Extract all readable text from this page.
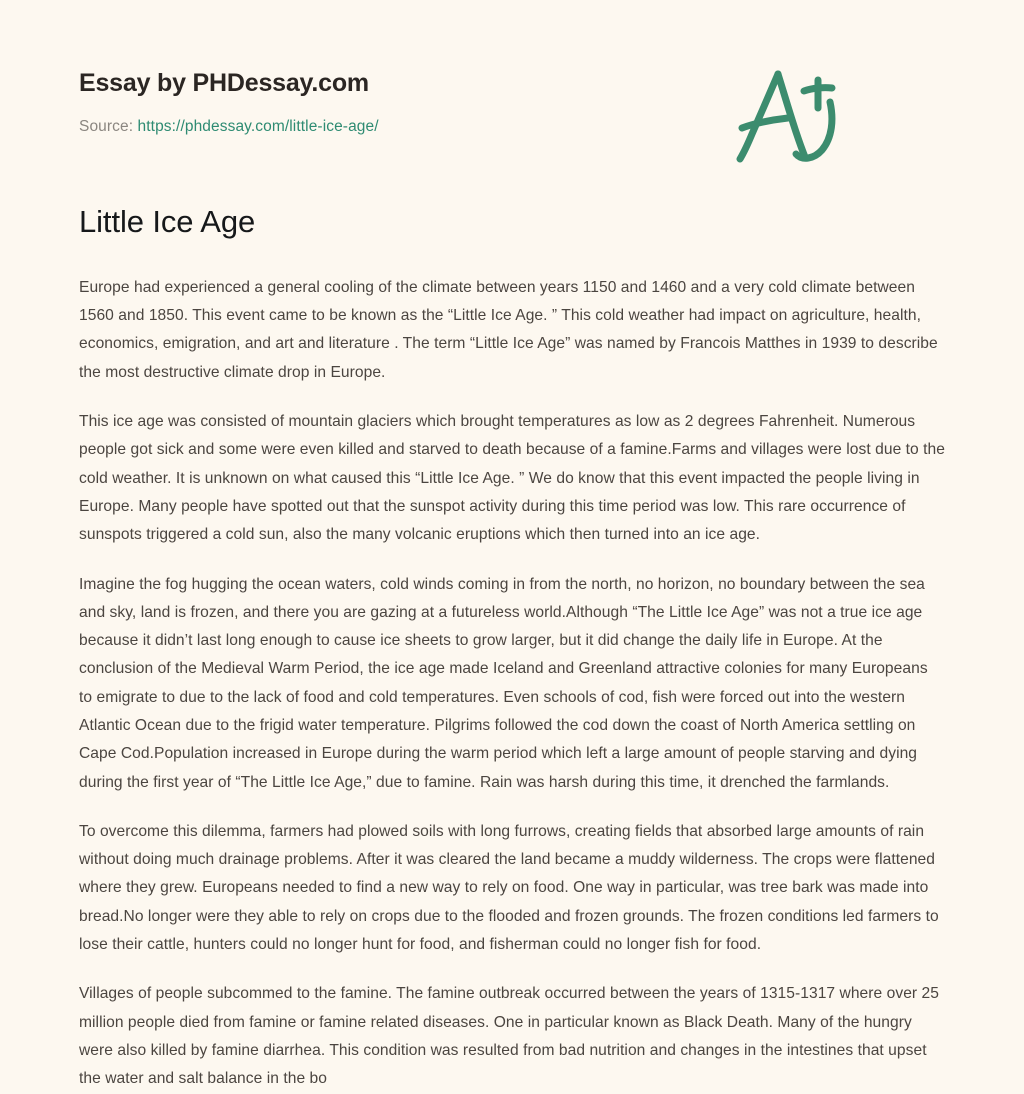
Essay by PHDessay.com
Source: https://phdessay.com/little-ice-age/
Little Ice Age

Europe had experienced a general cooling of the climate between years 1150 and 1460 and a very cold climate between 1560 and 1850. This event came to be known as the “Little Ice Age. ” This cold weather had impact on agriculture, health, economics, emigration, and art and literature . The term “Little Ice Age” was named by Francois Matthes in 1939 to describe the most destructive climate drop in Europe.

This ice age was consisted of mountain glaciers which brought temperatures as low as 2 degrees Fahrenheit. Numerous people got sick and some were even killed and starved to death because of a famine.Farms and villages were lost due to the cold weather. It is unknown on what caused this “Little Ice Age. ” We do know that this event impacted the people living in Europe. Many people have spotted out that the sunspot activity during this time period was low. This rare occurrence of sunspots triggered a cold sun, also the many volcanic eruptions which then turned into an ice age.

Imagine the fog hugging the ocean waters, cold winds coming in from the north, no horizon, no boundary between the sea and sky, land is frozen, and there you are gazing at a futureless world.Although “The Little Ice Age” was not a true ice age because it didn’t last long enough to cause ice sheets to grow larger, but it did change the daily life in Europe. At the conclusion of the Medieval Warm Period, the ice age made Iceland and Greenland attractive colonies for many Europeans to emigrate to due to the lack of food and cold temperatures. Even schools of cod, fish were forced out into the western Atlantic Ocean due to the frigid water temperature. Pilgrims followed the cod down the coast of North America settling on Cape Cod.Population increased in Europe during the warm period which left a large amount of people starving and dying during the first year of “The Little Ice Age,” due to famine. Rain was harsh during this time, it drenched the farmlands.

To overcome this dilemma, farmers had plowed soils with long furrows, creating fields that absorbed large amounts of rain without doing much drainage problems. After it was cleared the land became a muddy wilderness. The crops were flattened where they grew. Europeans needed to find a new way to rely on food. One way in particular, was tree bark was made into bread.No longer were they able to rely on crops due to the flooded and frozen grounds. The frozen conditions led farmers to lose their cattle, hunters could no longer hunt for food, and fisherman could no longer fish for food.

Villages of people subcommed to the famine. The famine outbreak occurred between the years of 1315-1317 where over 25 million people died from famine or famine related diseases. One in particular known as Black Death. Many of the hungry were also killed by famine diarrhea. This condition was resulted from bad nutrition and changes in the intestines that upset the water and salt balance in the bo
